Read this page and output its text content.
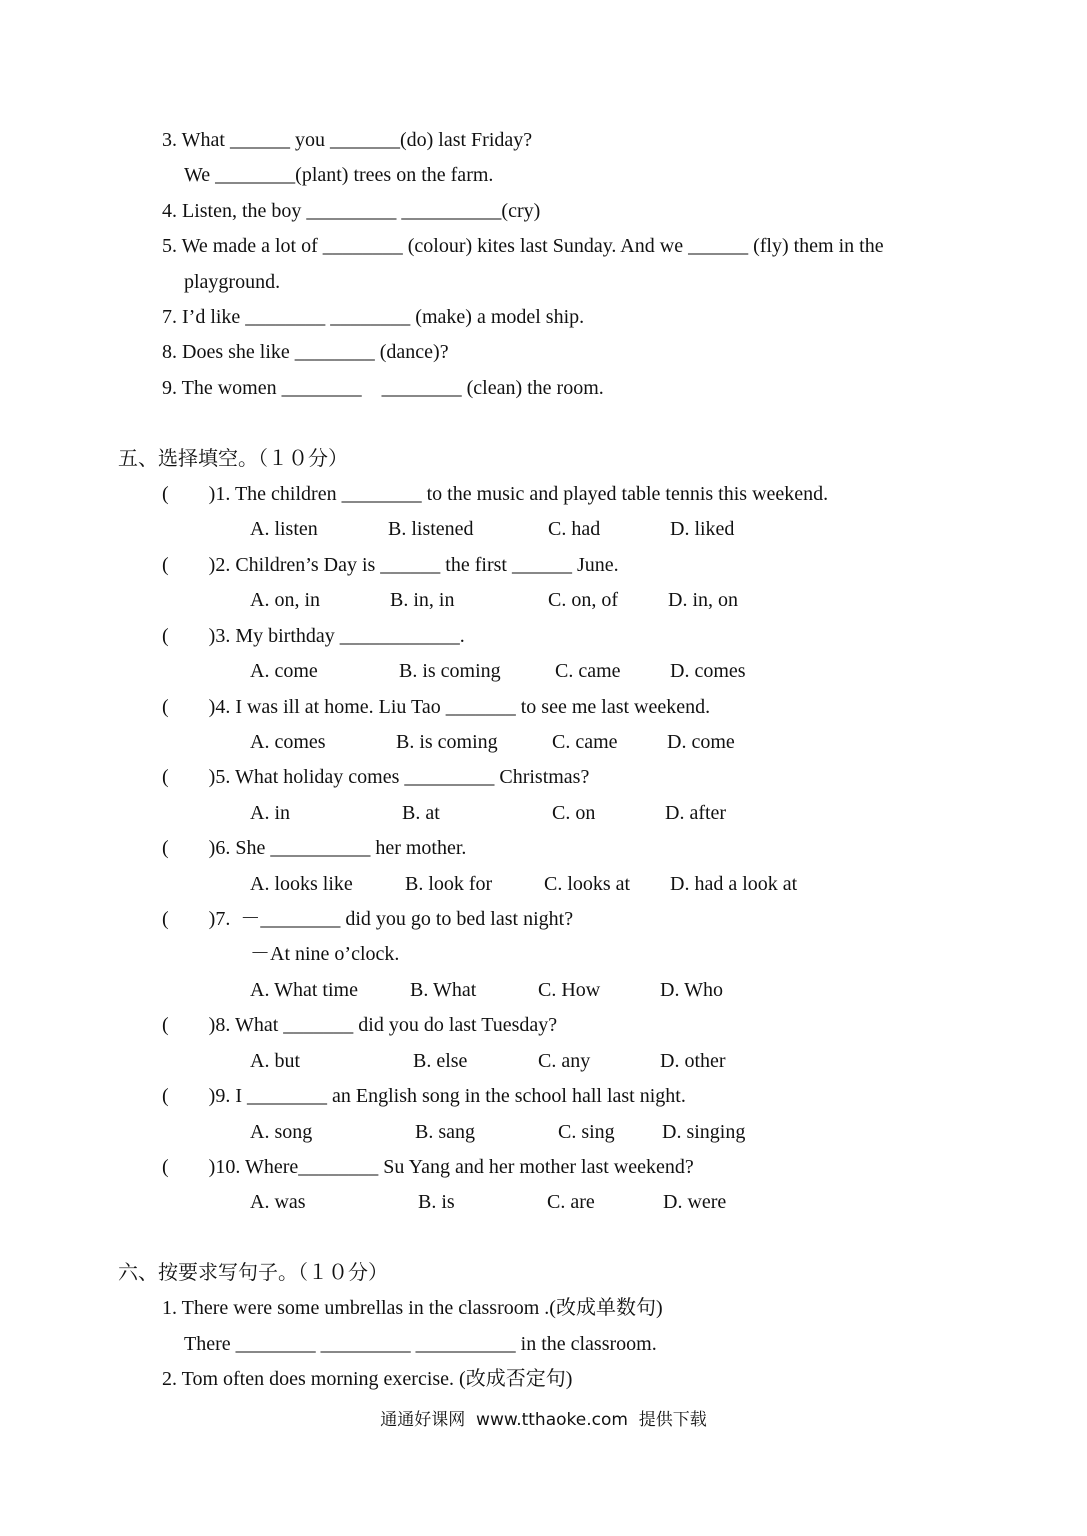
3. What ______ you _______(do) last Friday?
We ________(plant) trees on the farm.
4. Listen, the boy _________ __________(cry)
5. We made a lot of ________ (colour) kites last Sunday. And we ______ (fly) them in the
playground.
7. I’d like ________ ________ (make) a model ship.
8. Does she like ________ (dance)?
9. The women ________    ________ (clean) the room.
五、选择填空。（１０分）
(        )1. The children ________ to the music and played table tennis this weekend.
A. listen	B. listened	C. had	D. liked
(        )2. Children’s Day is ______ the first ______ June.
A. on, in	B. in, in	C. on, of	D. in, on
(        )3. My birthday ____________.
A. come	B. is coming	C. came D. comes
(        )4. I was ill at home. Liu Tao _______ to see me last weekend.
A. comes	B. is coming	C. came D. come
(        )5. What holiday comes _________ Christmas?
A. in	B. at	C. on	D. after
(        )6. She __________ her mother.
A. looks like	B. look for	C. looks at D. had a look at
(        )7.  －________ did you go to bed last night?
－At nine o’clock.
A. What time	B. What	C. How	D. Who
(        )8. What _______ did you do last Tuesday?
A. but	B. else	C. any	D. other
(        )9. I ________ an English song in the school hall last night.
A. song	B. sang	C. sing D. singing
(        )10. Where________ Su Yang and her mother last weekend?
A. was	B. is	C. are	D. were
六、按要求写句子。（１０分）
1. There were some umbrellas in the classroom .(改成单数句)
There ________ _________ __________ in the classroom.
2. Tom often does morning exercise. (改成否定句)
通通好课网  www.tthaoke.com  提供下载
